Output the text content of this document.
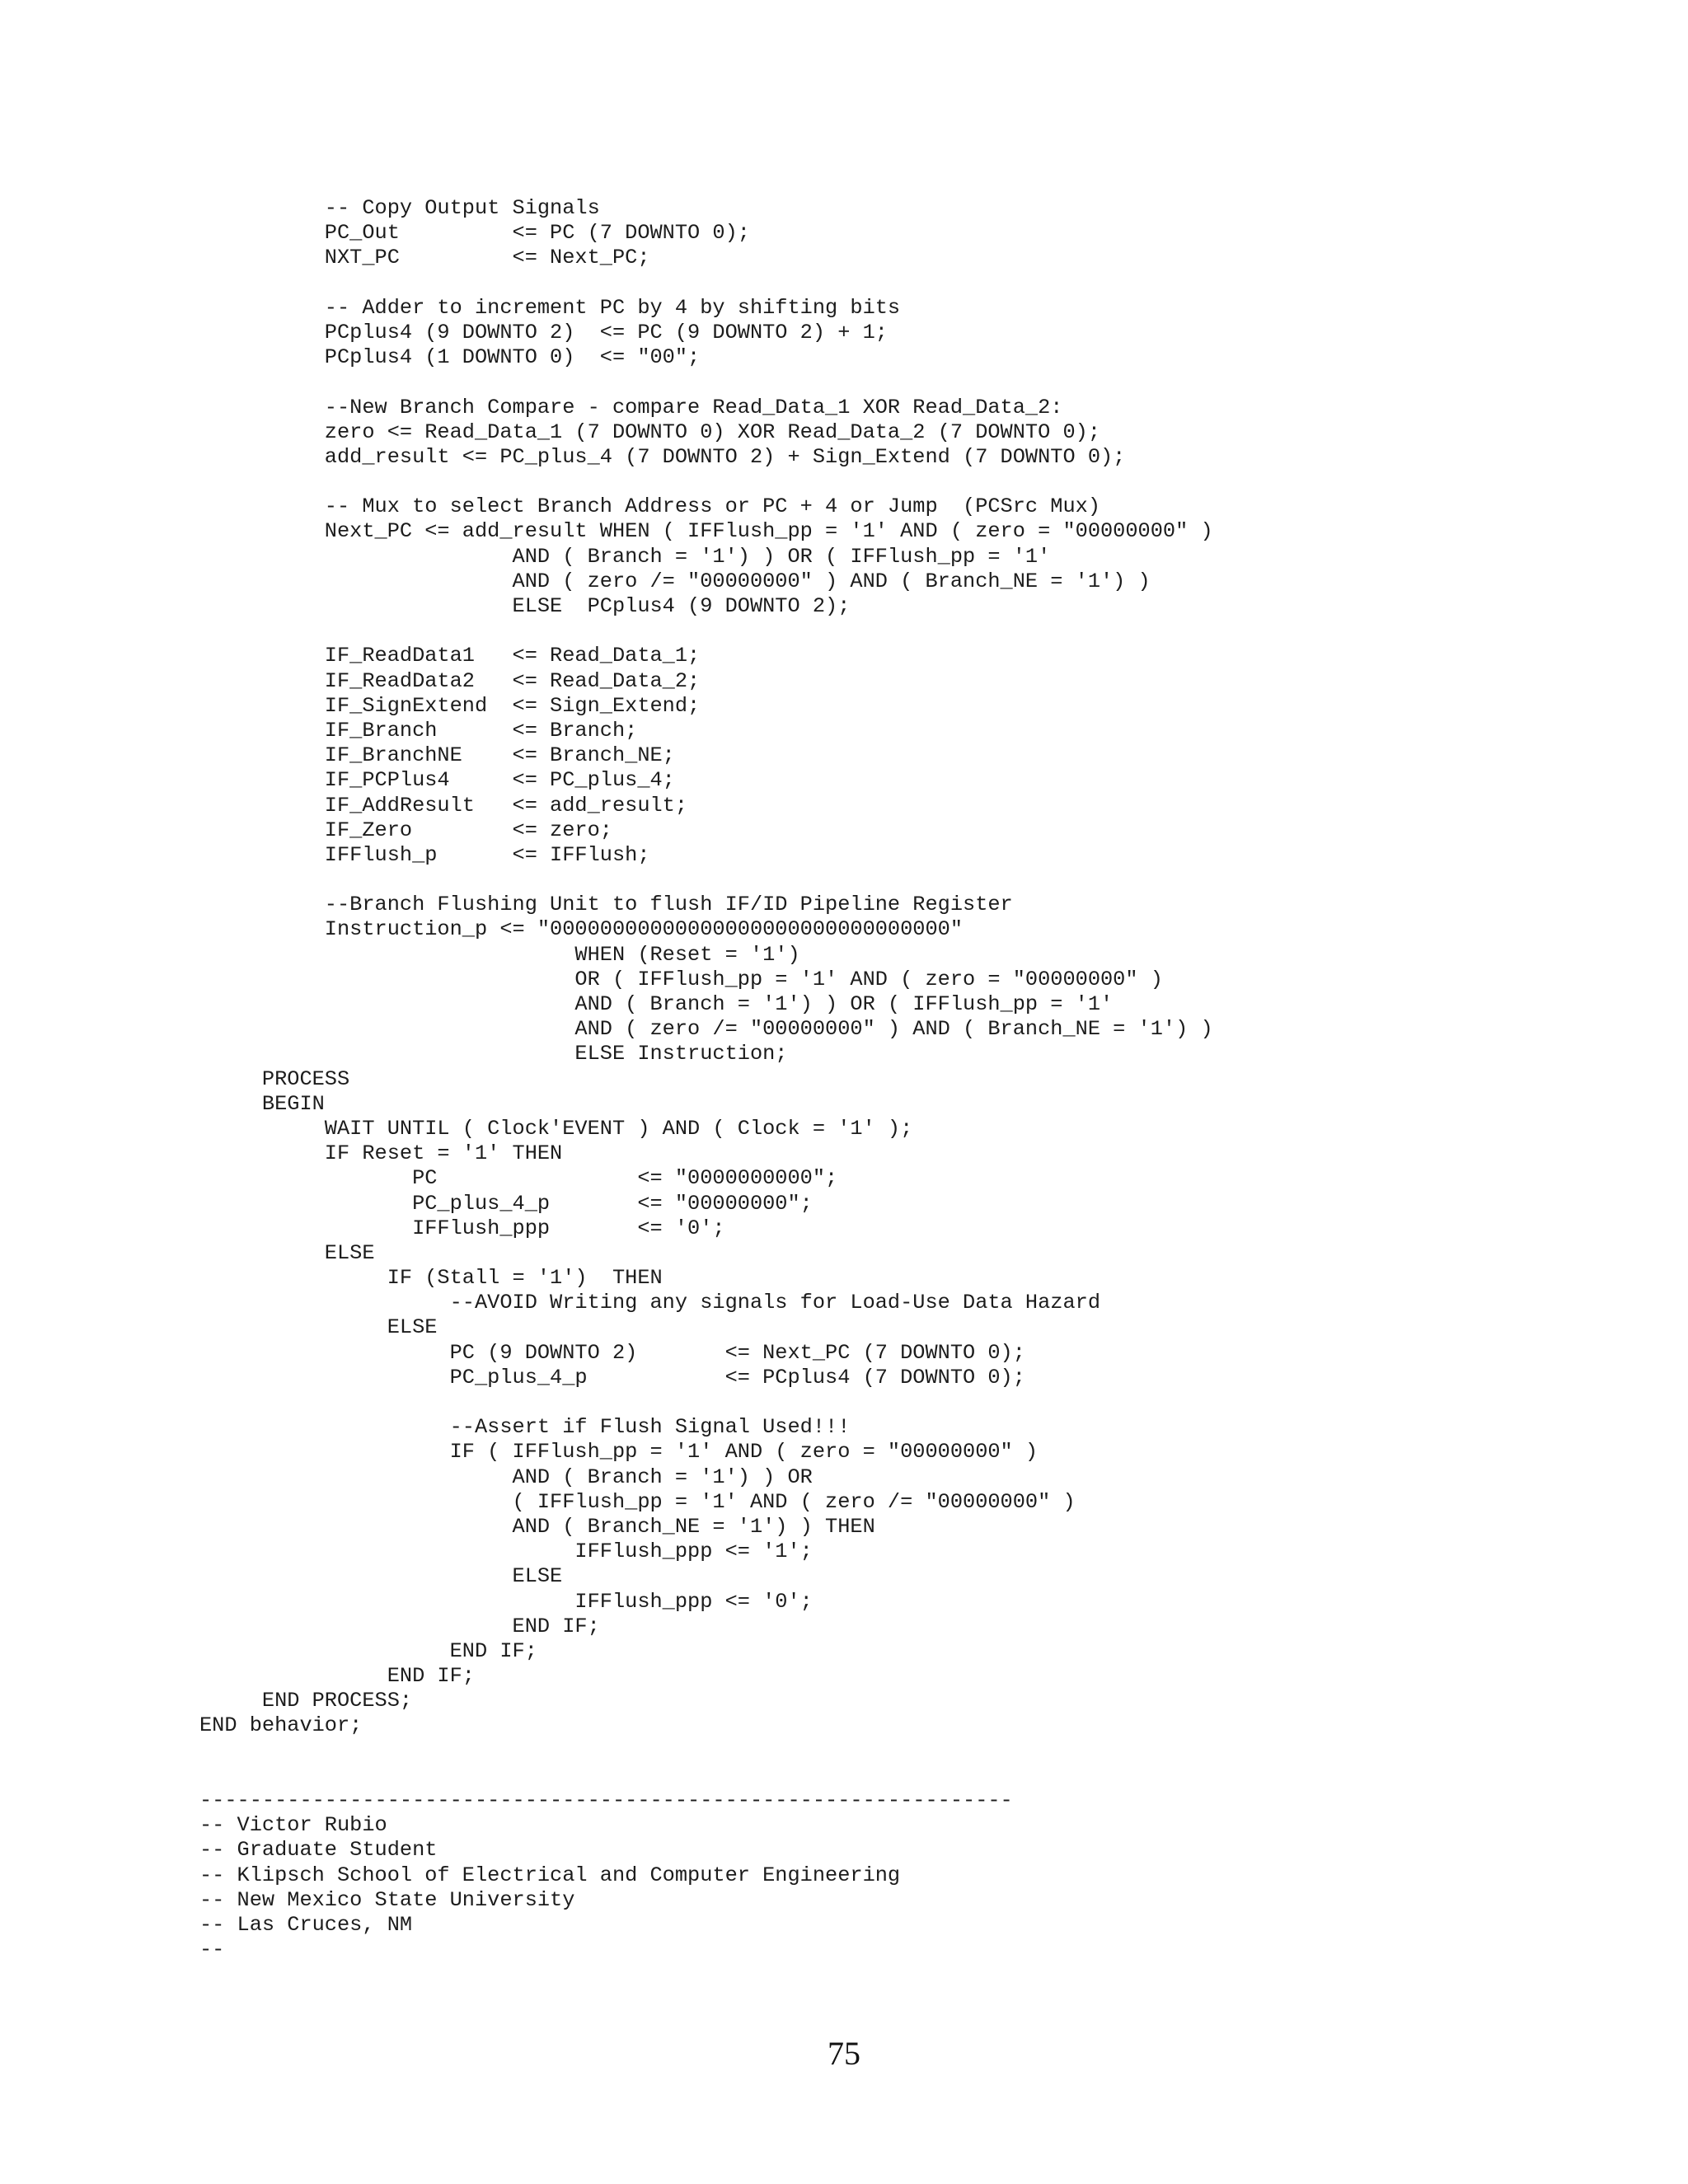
-- Copy Output Signals
PC_Out         <= PC (7 DOWNTO 0);
NXT_PC         <= Next_PC;
-- Adder to increment PC by 4 by shifting bits
PCplus4 (9 DOWNTO 2)  <= PC (9 DOWNTO 2) + 1;
PCplus4 (1 DOWNTO 0)  <= "00";
--New Branch Compare - compare Read_Data_1 XOR Read_Data_2:
zero <= Read_Data_1 (7 DOWNTO 0) XOR Read_Data_2 (7 DOWNTO 0);
add_result <= PC_plus_4 (7 DOWNTO 2) + Sign_Extend (7 DOWNTO 0);
-- Mux to select Branch Address or PC + 4 or Jump  (PCSrc Mux)
Next_PC <= add_result WHEN ( IFFlush_pp = '1' AND ( zero = "00000000" )
AND ( Branch = '1') ) OR ( IFFlush_pp = '1'
AND ( zero /= "00000000" ) AND ( Branch_NE = '1') )
ELSE  PCplus4 (9 DOWNTO 2);
IF_ReadData1   <= Read_Data_1;
IF_ReadData2   <= Read_Data_2;
IF_SignExtend  <= Sign_Extend;
IF_Branch      <= Branch;
IF_BranchNE    <= Branch_NE;
IF_PCPlus4     <= PC_plus_4;
IF_AddResult   <= add_result;
IF_Zero        <= zero;
IFFlush_p      <= IFFlush;
--Branch Flushing Unit to flush IF/ID Pipeline Register
Instruction_p <= "00000000000000000000000000000000"
WHEN (Reset = '1')
OR ( IFFlush_pp = '1' AND ( zero = "00000000" )
AND ( Branch = '1') ) OR ( IFFlush_pp = '1'
AND ( zero /= "00000000" ) AND ( Branch_NE = '1') )
ELSE Instruction;
PROCESS
BEGIN
WAIT UNTIL ( Clock'EVENT ) AND ( Clock = '1' );
IF Reset = '1' THEN
PC                <= "0000000000";
PC_plus_4_p       <= "00000000";
IFFlush_ppp       <= '0';
ELSE
IF (Stall = '1')  THEN
--AVOID Writing any signals for Load-Use Data Hazard
ELSE
PC (9 DOWNTO 2)       <= Next_PC (7 DOWNTO 0);
PC_plus_4_p           <= PCplus4 (7 DOWNTO 0);
--Assert if Flush Signal Used!!!
IF ( IFFlush_pp = '1' AND ( zero = "00000000" )
AND ( Branch = '1') ) OR
( IFFlush_pp = '1' AND ( zero /= "00000000" )
AND ( Branch_NE = '1') ) THEN
IFFlush_ppp <= '1';
ELSE
IFFlush_ppp <= '0';
END IF;
END IF;
END IF;
END PROCESS;
END behavior;
-----------------------------------------------------------------
-- Victor Rubio
-- Graduate Student
-- Klipsch School of Electrical and Computer Engineering
-- New Mexico State University
-- Las Cruces, NM
--
75
